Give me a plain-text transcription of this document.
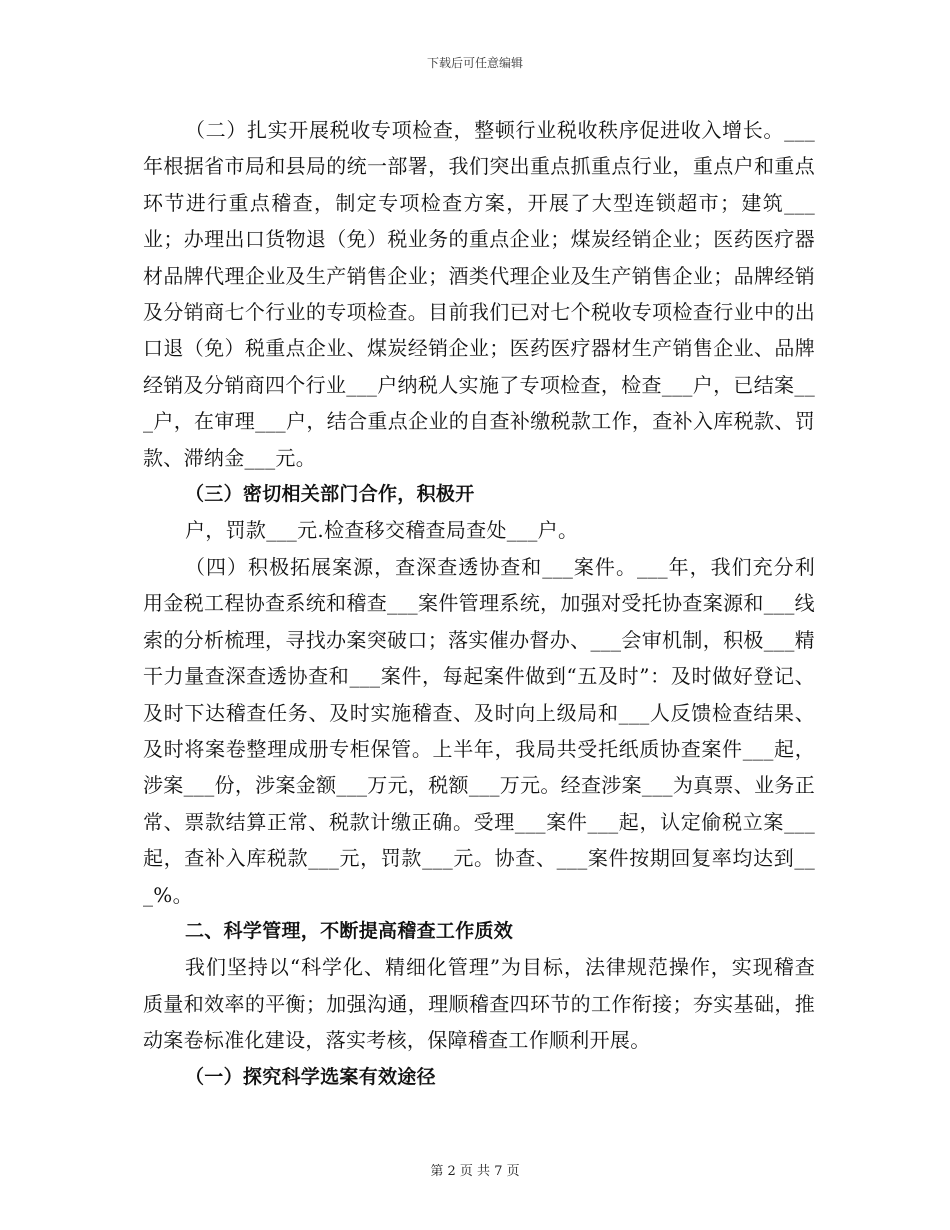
下载后可任意编辑

（二）扎实开展税收专项检查，整顿行业税收秩序促进收入增长。___年根据省市局和县局的统一部署，我们突出重点抓重点行业，重点户和重点环节进行重点稽查，制定专项检查方案，开展了大型连锁超市；建筑___业；办理出口货物退（免）税业务的重点企业；煤炭经销企业；医药医疗器材品牌代理企业及生产销售企业；酒类代理企业及生产销售企业；品牌经销及分销商七个行业的专项检查。目前我们已对七个税收专项检查行业中的出口退（免）税重点企业、煤炭经销企业；医药医疗器材生产销售企业、品牌经销及分销商四个行业___户纳税人实施了专项检查，检查___户，已结案___户，在审理___户，结合重点企业的自查补缴税款工作，查补入库税款、罚款、滞纳金___元。

（三）密切相关部门合作，积极开

户，罚款___元.检查移交稽查局查处___户。

（四）积极拓展案源，查深查透协查和___案件。___年，我们充分利用金税工程协查系统和稽查___案件管理系统，加强对受托协查案源和___线索的分析梳理，寻找办案突破口；落实催办督办、___会审机制，积极___精干力量查深查透协查和___案件，每起案件做到“五及时”：及时做好登记、及时下达稽查任务、及时实施稽查、及时向上级局和___人反馈检查结果、及时将案卷整理成册专柜保管。上半年，我局共受托纸质协查案件___起，涉案___份，涉案金额___万元，税额___万元。经查涉案___为真票、业务正常、票款结算正常、税款计缴正确。受理___案件___起，认定偷税立案___起，查补入库税款___元，罚款___元。协查、___案件按期回复率均达到___%。

二、科学管理，不断提高稽查工作质效

我们坚持以“科学化、精细化管理”为目标，法律规范操作，实现稽查质量和效率的平衡；加强沟通，理顺稽查四环节的工作衔接；夯实基础，推动案卷标准化建设，落实考核，保障稽查工作顺利开展。

（一）探究科学选案有效途径

第 2 页 共 7 页
